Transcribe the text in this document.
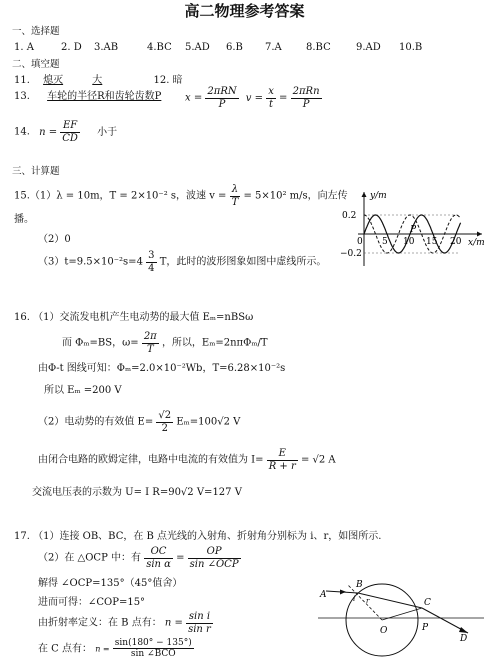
高二物理参考答案
一、选择题
1. A	2. D 3.AB	4.BC 5.AD 6.B 7.A 8.BC	9.AD 10.B
二、填空题
11. 熄灭	大	12. 暗
13. 车轮的半径R和齿轮齿数P $x = \frac{\text{2πRN}}{P}$ $v = \frac{x}{t} = \frac{\text{2πRn}}{P}$
14. $n = \frac{EF}{CD}$ 小于
三、计算题
15.（1）λ = 10m，T = 2×10⁻² s，波速 $v = \frac{\lambda}{T} = 5\times 10^2$ m/s，向左传
播。
（2）0
$(3)t=9.5\times 10^{-2}s=4 \frac{3}{4}$ T，此时的波形图象如图中虚线所示。
y/m
x/m
0.2
−0.2
0 5 10 15 20
P
16. （1）交流发电机产生电动势的最大值 Eₘ=nBSω
而 Φₘ=BS，$\omega= \frac{2\pi}{T}$ ，所以，Eₘ=2nπΦₘ/T
由Φ-t 图线可知：Φₘ=2.0×10⁻²Wb，T=6.28×10⁻²s
所以 Eₘ =200 V
（2）电动势的有效值 $E= \frac{√2}{2} E_m=100√2$ V
由闭合电路的欧姆定律，电路中电流的有效值为 $I= \frac{E}{R + r} = √2$ A
交流电压表的示数为 U= I R=90√2 V=127 V
17. （1）连接 OB、BC，在 B 点光线的入射角、折射角分别标为 i、r，如图所示.
（2）在 △OCP 中：有 $\frac{OC}{\text{sin α}} = \frac{OP}{\text{sin ∠OCP}}$
解得 ∠OCP=135°（45°值舍）
进而可得：∠COP=15°
由折射率定义：在 B 点有： $n = \frac{\text{sin i}}{\text{sin r}}$
在 C 点有： $n = \frac{\sin(180^\circ - 135^\circ)}{\text{sin ∠BCO}}$
B
A	i r
O
C
P
D
